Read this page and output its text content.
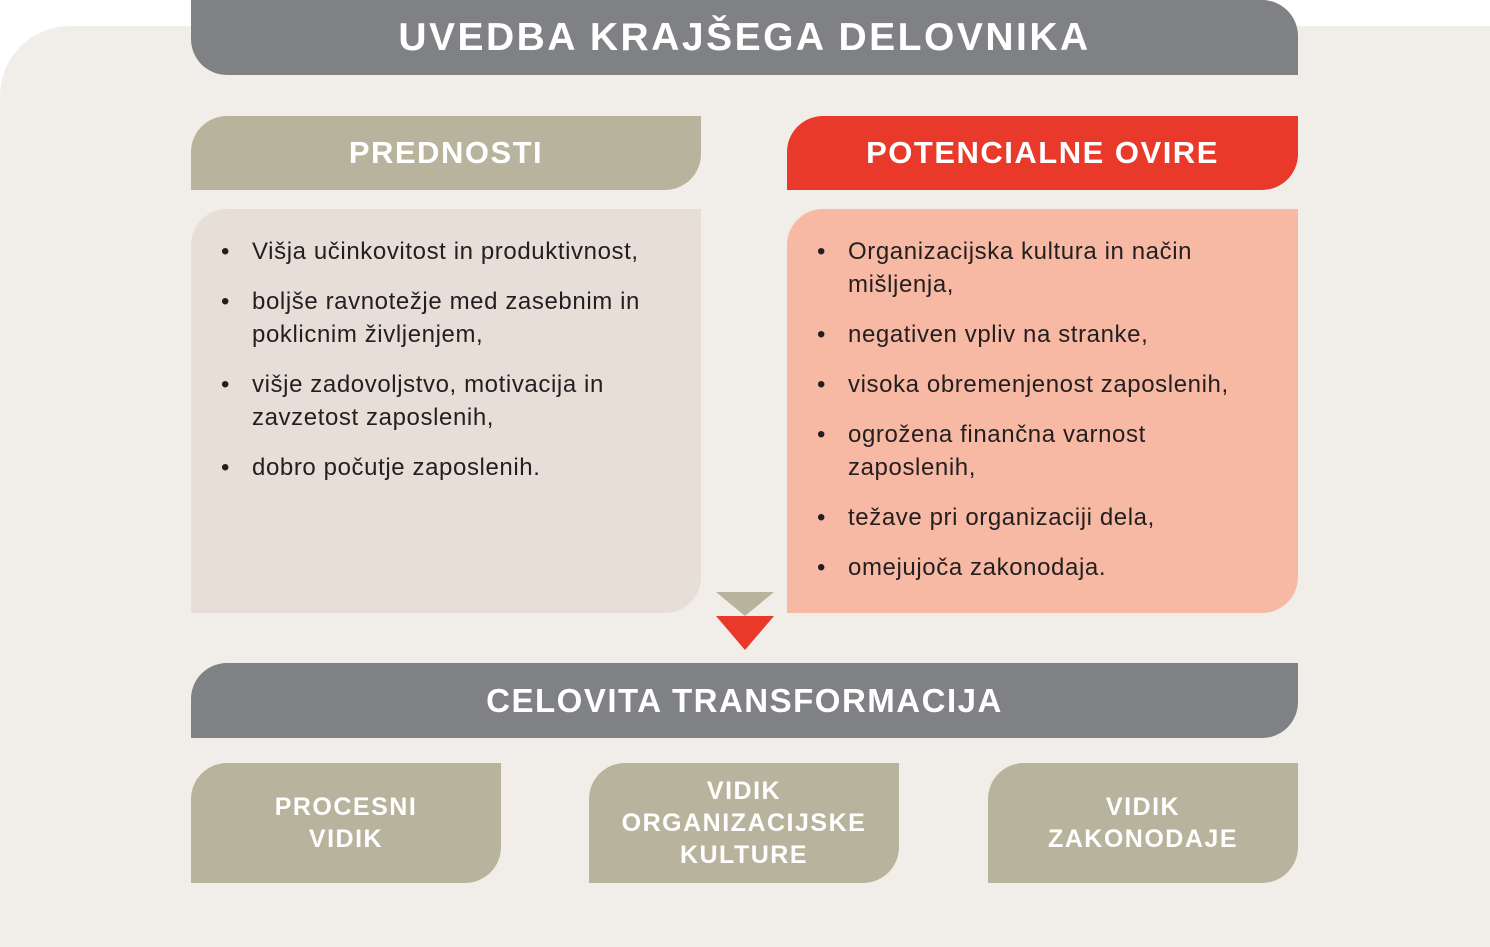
UVEDBA KRAJŠEGA DELOVNIKA
PREDNOSTI	POTENCIALNE OVIRE
• Višja učinkovitost in produktivnost,
• boljše ravnotežje med zasebnim in poklicnim življenjem,
• višje zadovoljstvo, motivacija in zavzetost zaposlenih,
• dobro počutje zaposlenih.
• Organizacijska kultura in način mišljenja,
• negativen vpliv na stranke,
• visoka obremenjenost zaposlenih,
• ogrožena finančna varnost zaposlenih,
• težave pri organizaciji dela,
• omejujoča zakonodaja.
CELOVITA TRANSFORMACIJA
PROCESNI
VIDIK
VIDIK
ORGANIZACIJSKE
KULTURE
VIDIK
ZAKONODAJE
